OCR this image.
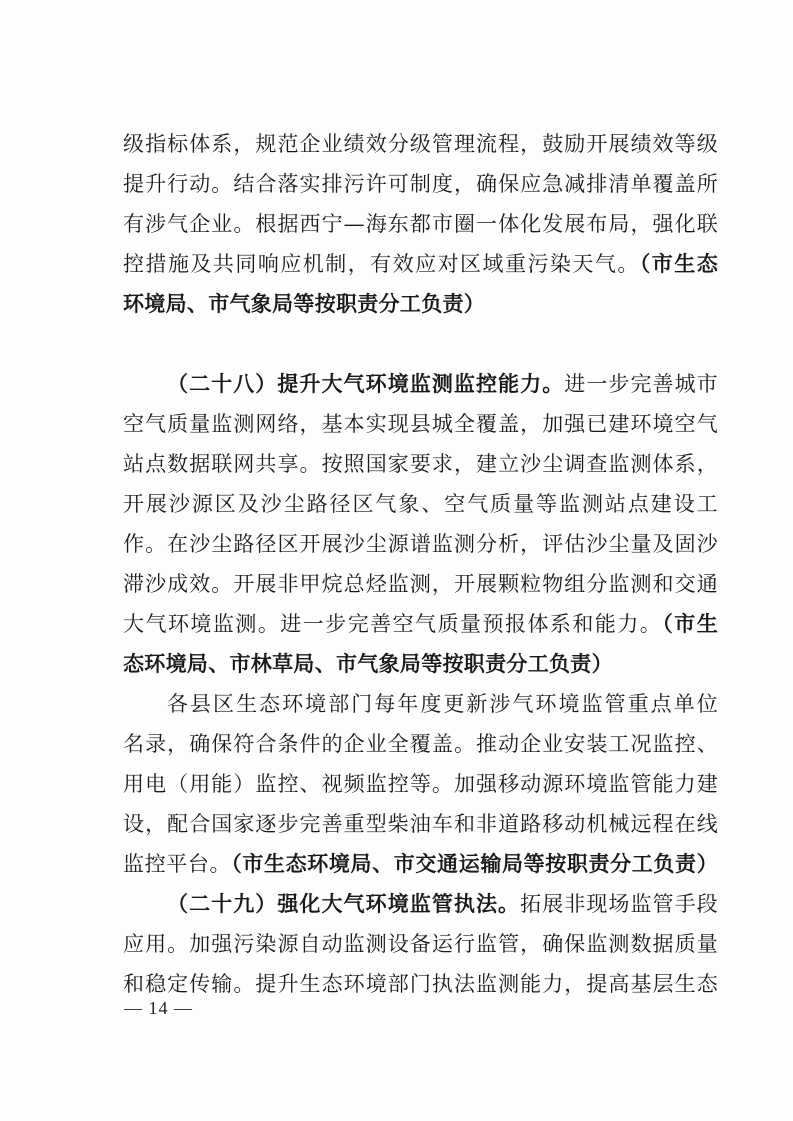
级指标体系，规范企业绩效分级管理流程，鼓励开展绩效等级
提升行动。结合落实排污许可制度，确保应急减排清单覆盖所
有涉气企业。根据西宁—海东都市圈一体化发展布局，强化联
控措施及共同响应机制，有效应对区域重污染天气。（市生态
环境局、市气象局等按职责分工负责）
（二十八）提升大气环境监测监控能力。进一步完善城市
空气质量监测网络，基本实现县城全覆盖，加强已建环境空气
站点数据联网共享。按照国家要求，建立沙尘调查监测体系，
开展沙源区及沙尘路径区气象、空气质量等监测站点建设工
作。在沙尘路径区开展沙尘源谱监测分析，评估沙尘量及固沙
滞沙成效。开展非甲烷总烃监测，开展颗粒物组分监测和交通
大气环境监测。进一步完善空气质量预报体系和能力。（市生
态环境局、市林草局、市气象局等按职责分工负责）
各县区生态环境部门每年度更新涉气环境监管重点单位
名录，确保符合条件的企业全覆盖。推动企业安装工况监控、
用电（用能）监控、视频监控等。加强移动源环境监管能力建
设，配合国家逐步完善重型柴油车和非道路移动机械远程在线
监控平台。（市生态环境局、市交通运输局等按职责分工负责）
（二十九）强化大气环境监管执法。拓展非现场监管手段
应用。加强污染源自动监测设备运行监管，确保监测数据质量
和稳定传输。提升生态环境部门执法监测能力，提高基层生态
— 14 —
